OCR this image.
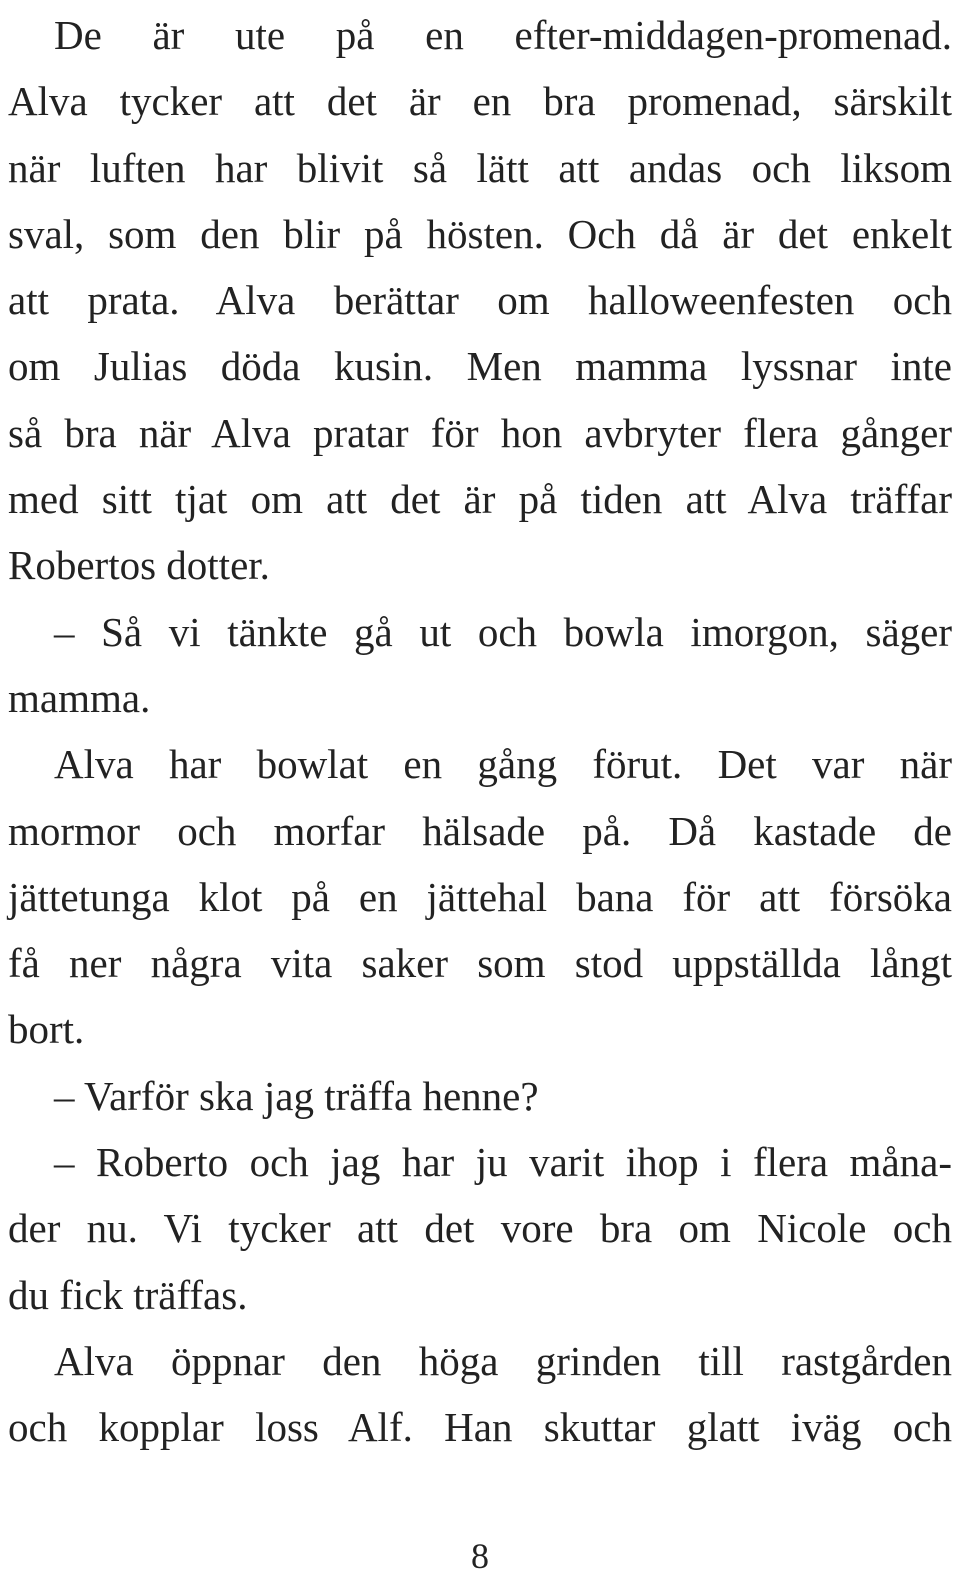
De är ute på en efter-middagen-promenad.
Alva tycker att det är en bra promenad, särskilt
när luften har blivit så lätt att andas och liksom
sval, som den blir på hösten. Och då är det enkelt
att prata. Alva berättar om halloweenfesten och
om Julias döda kusin. Men mamma lyssnar inte
så bra när Alva pratar för hon avbryter flera gånger
med sitt tjat om att det är på tiden att Alva träffar
Robertos dotter.
– Så vi tänkte gå ut och bowla imorgon, säger
mamma.
Alva har bowlat en gång förut. Det var när
mormor och morfar hälsade på. Då kastade de
jättetunga klot på en jättehal bana för att försöka
få ner några vita saker som stod uppställda långt
bort.
– Varför ska jag träffa henne?
– Roberto och jag har ju varit ihop i flera måna-
der nu. Vi tycker att det vore bra om Nicole och
du fick träffas.
Alva öppnar den höga grinden till rastgården
och kopplar loss Alf. Han skuttar glatt iväg och
8
